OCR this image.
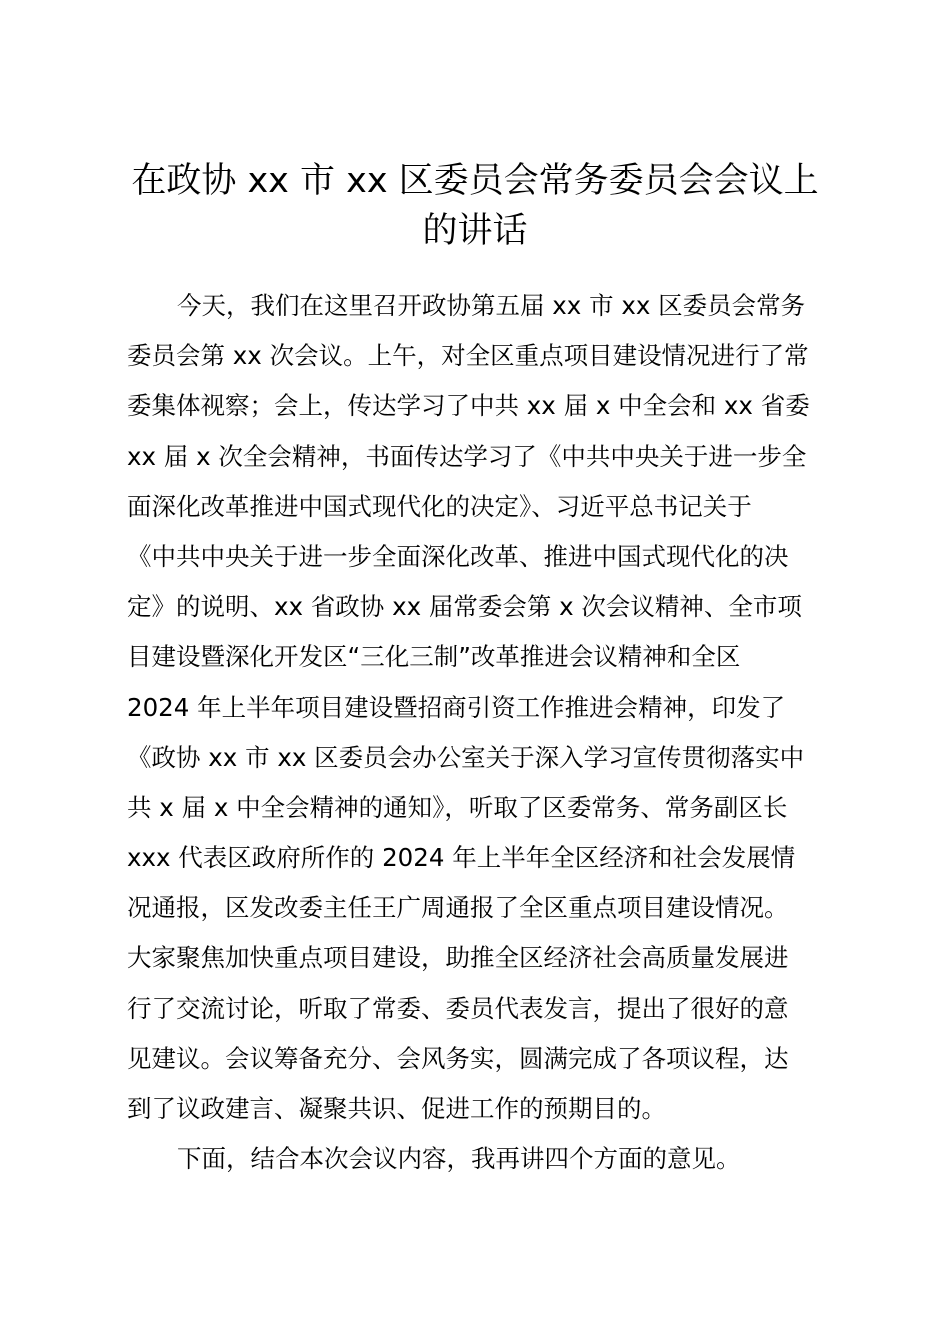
在政协 xx 市 xx 区委员会常务委员会会议上
的讲话
今天，我们在这里召开政协第五届 xx 市 xx 区委员会常务
委员会第 xx 次会议。上午，对全区重点项目建设情况进行了常
委集体视察；会上，传达学习了中共 xx 届 x 中全会和 xx 省委
xx 届 x 次全会精神，书面传达学习了《中共中央关于进一步全
面深化改革推进中国式现代化的决定》、习近平总书记关于
《中共中央关于进一步全面深化改革、推进中国式现代化的决
定》的说明、xx 省政协 xx 届常委会第 x 次会议精神、全市项
目建设暨深化开发区“三化三制”改革推进会议精神和全区
2024 年上半年项目建设暨招商引资工作推进会精神，印发了
《政协 xx 市 xx 区委员会办公室关于深入学习宣传贯彻落实中
共 x 届 x 中全会精神的通知》，听取了区委常务、常务副区长
xxx 代表区政府所作的 2024 年上半年全区经济和社会发展情
况通报，区发改委主任王广周通报了全区重点项目建设情况。
大家聚焦加快重点项目建设，助推全区经济社会高质量发展进
行了交流讨论，听取了常委、委员代表发言，提出了很好的意
见建议。会议筹备充分、会风务实，圆满完成了各项议程，达
到了议政建言、凝聚共识、促进工作的预期目的。
下面，结合本次会议内容，我再讲四个方面的意见。
